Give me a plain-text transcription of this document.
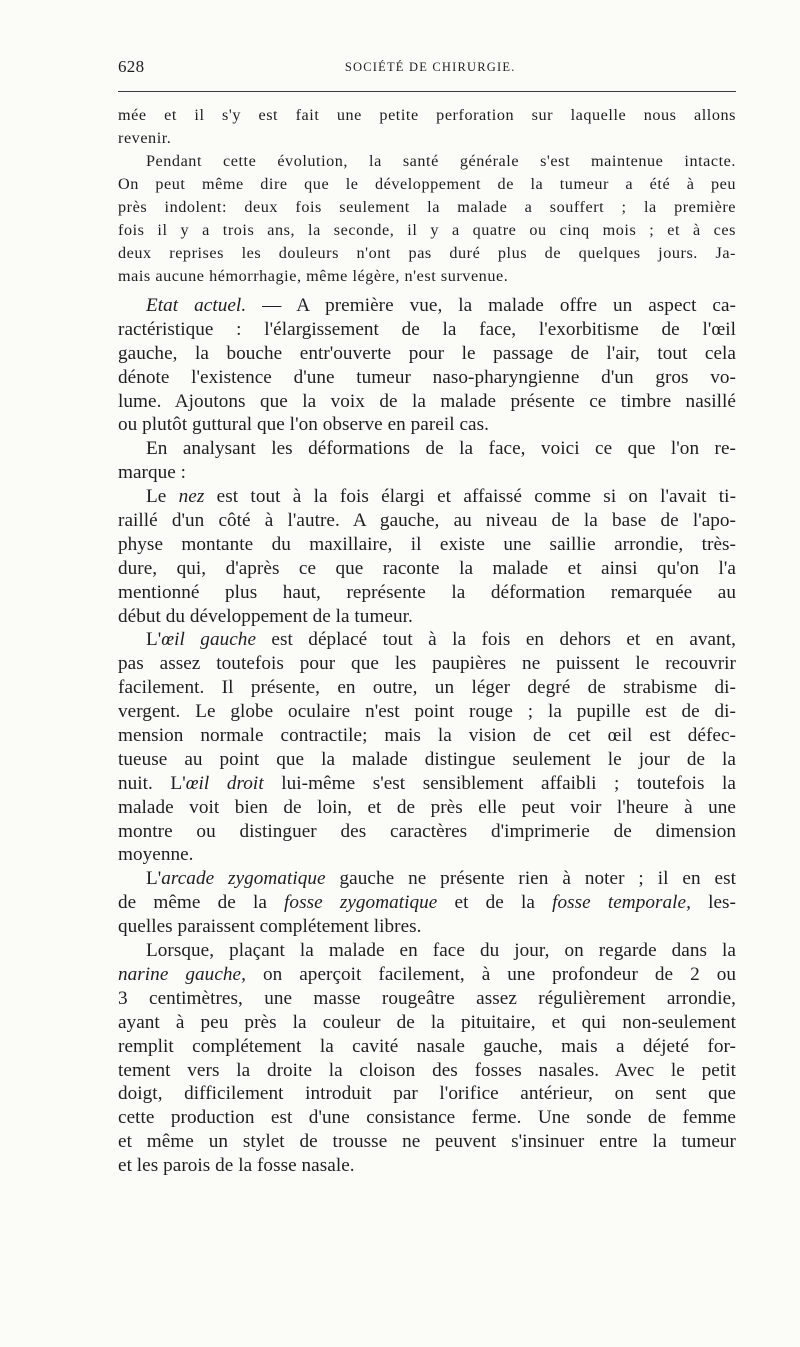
628	SOCIÉTÉ DE CHIRURGIE.
mée et il s'y est fait une petite perforation sur laquelle nous allons
revenir.
Pendant cette évolution, la santé générale s'est maintenue intacte.
On peut même dire que le développement de la tumeur a été à peu
près indolent: deux fois seulement la malade a souffert ; la première
fois il y a trois ans, la seconde, il y a quatre ou cinq mois ; et à ces
deux reprises les douleurs n'ont pas duré plus de quelques jours. Ja-
mais aucune hémorrhagie, même légère, n'est survenue.
Etat actuel. — A première vue, la malade offre un aspect ca-
ractéristique : l'élargissement de la face, l'exorbitisme de l'œil
gauche, la bouche entr'ouverte pour le passage de l'air, tout cela
dénote l'existence d'une tumeur naso-pharyngienne d'un gros vo-
lume. Ajoutons que la voix de la malade présente ce timbre nasillé
ou plutôt guttural que l'on observe en pareil cas.
En analysant les déformations de la face, voici ce que l'on re-
marque :
Le nez est tout à la fois élargi et affaissé comme si on l'avait ti-
raillé d'un côté à l'autre. A gauche, au niveau de la base de l'apo-
physe montante du maxillaire, il existe une saillie arrondie, très-
dure, qui, d'après ce que raconte la malade et ainsi qu'on l'a
mentionné plus haut, représente la déformation remarquée au
début du développement de la tumeur.
L'œil gauche est déplacé tout à la fois en dehors et en avant,
pas assez toutefois pour que les paupières ne puissent le recouvrir
facilement. Il présente, en outre, un léger degré de strabisme di-
vergent. Le globe oculaire n'est point rouge ; la pupille est de di-
mension normale contractile; mais la vision de cet œil est défec-
tueuse au point que la malade distingue seulement le jour de la
nuit. L'œil droit lui-même s'est sensiblement affaibli ; toutefois la
malade voit bien de loin, et de près elle peut voir l'heure à une
montre ou distinguer des caractères d'imprimerie de dimension
moyenne.
L'arcade zygomatique gauche ne présente rien à noter ; il en est
de même de la fosse zygomatique et de la fosse temporale, les-
quelles paraissent complétement libres.
Lorsque, plaçant la malade en face du jour, on regarde dans la
narine gauche, on aperçoit facilement, à une profondeur de 2 ou
3 centimètres, une masse rougeâtre assez régulièrement arrondie,
ayant à peu près la couleur de la pituitaire, et qui non-seulement
remplit complétement la cavité nasale gauche, mais a déjeté for-
tement vers la droite la cloison des fosses nasales. Avec le petit
doigt, difficilement introduit par l'orifice antérieur, on sent que
cette production est d'une consistance ferme. Une sonde de femme
et même un stylet de trousse ne peuvent s'insinuer entre la tumeur
et les parois de la fosse nasale.
